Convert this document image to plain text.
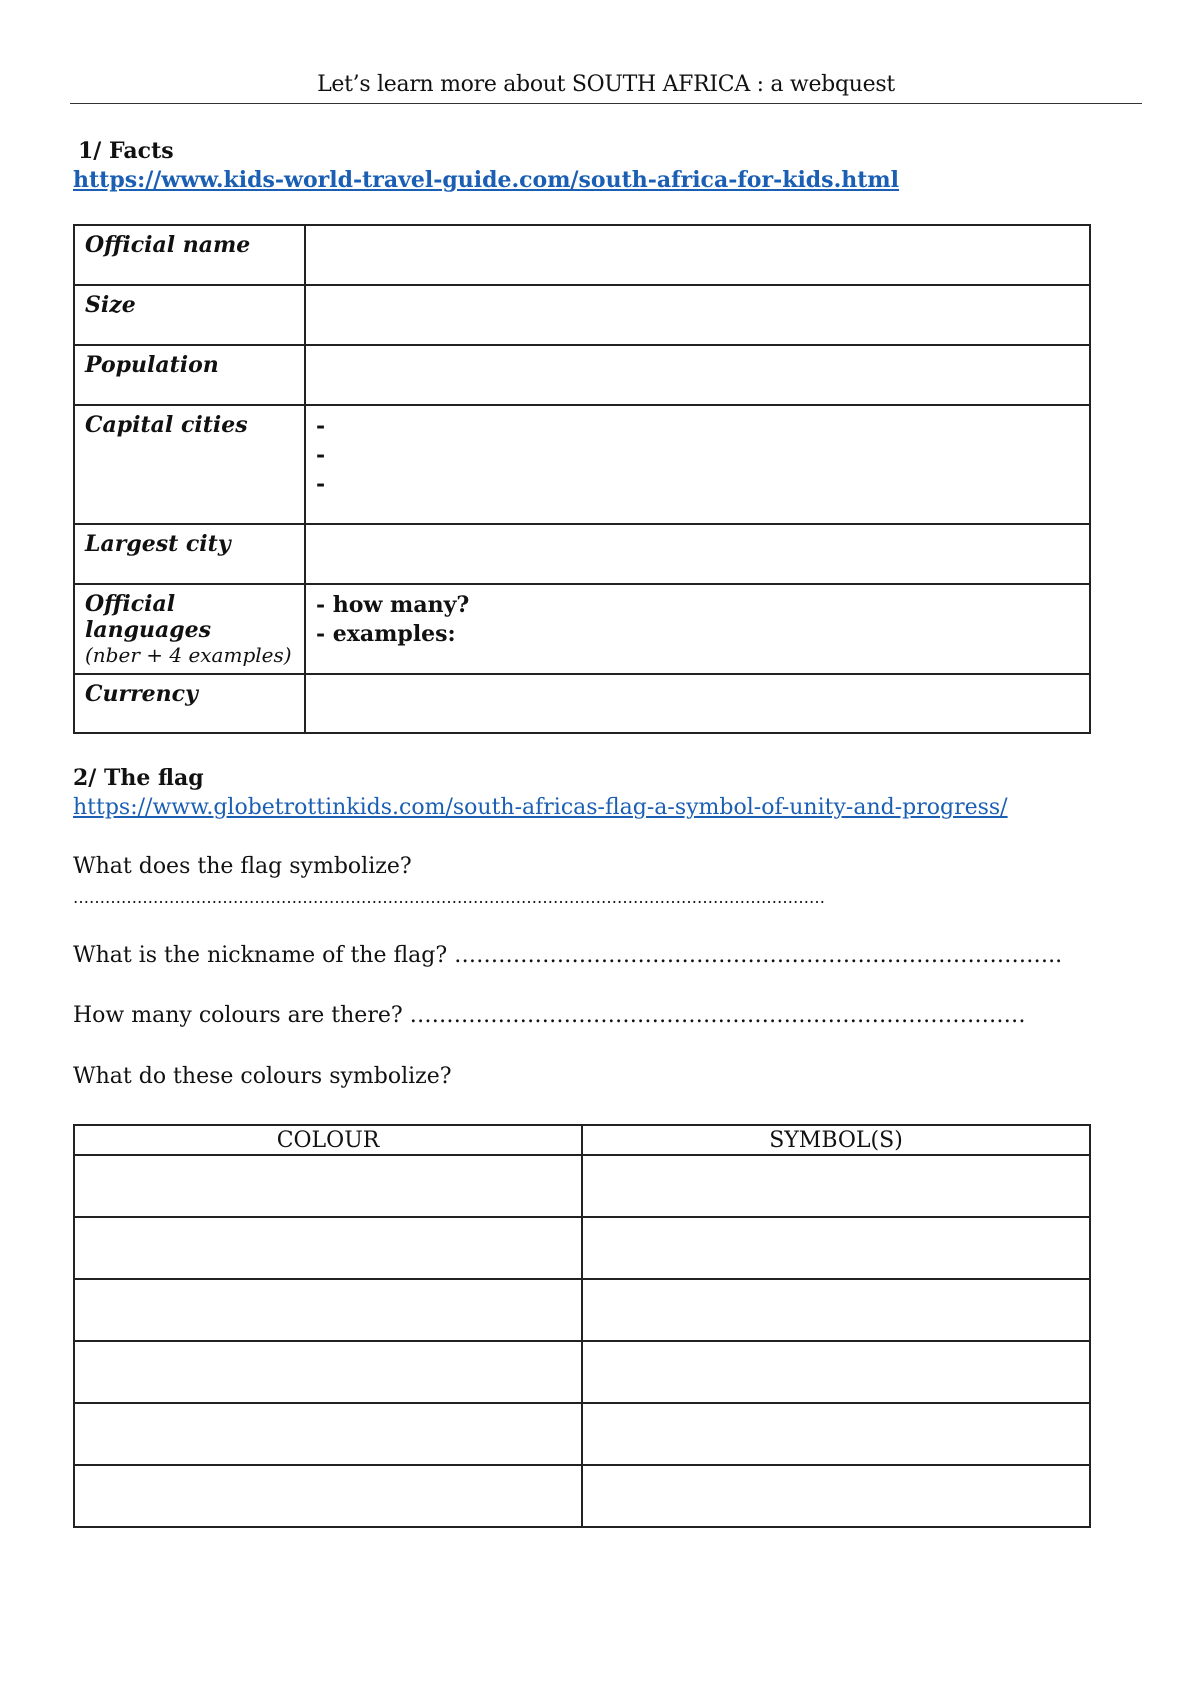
Let’s learn more about SOUTH AFRICA : a webquest
1/ Facts
https://www.kids-world-travel-guide.com/south-africa-for-kids.html
Official name	
Size	
Population	
Capital cities	-
-
-

Largest city	
Official languages
(nber + 4 examples)	- how many?
- examples:

Currency	
2/ The flag
https://www.globetrottinkids.com/south-africas-flag-a-symbol-of-unity-and-progress/
What does the flag symbolize?
……………………………………………………………………………………………………………………………
What is the nickname of the flag? ………………………………………………………………………..
How many colours are there? …………………………………………………………………………
What do these colours symbolize?
COLOUR	SYMBOL(S)
